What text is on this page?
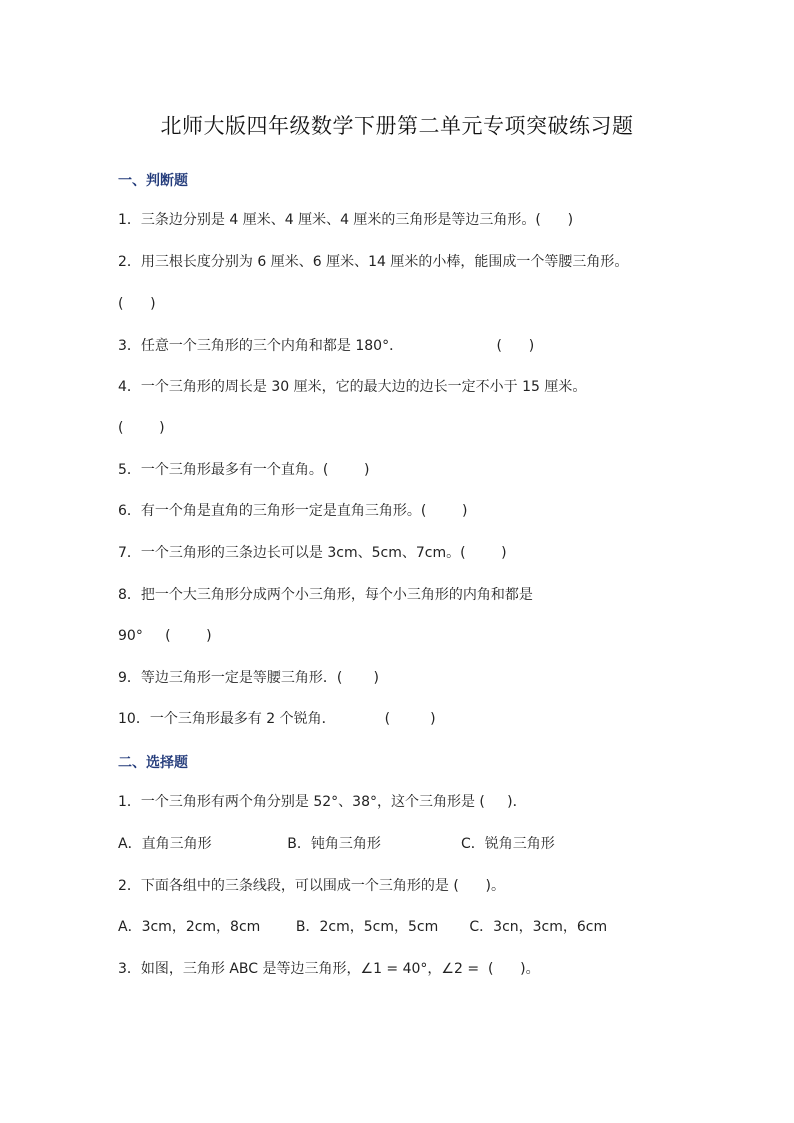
北师大版四年级数学下册第二单元专项突破练习题
一、判断题
1．三条边分别是 4 厘米、4 厘米、4 厘米的三角形是等边三角形。(      )
2．用三根长度分别为 6 厘米、6 厘米、14 厘米的小棒，能围成一个等腰三角形。
(      )
3．任意一个三角形的三个内角和都是 180°．                     (      )
4．一个三角形的周长是 30 厘米，它的最大边的边长一定不小于 15 厘米。
(        )
5．一个三角形最多有一个直角。(        )
6．有一个角是直角的三角形一定是直角三角形。(        )
7．一个三角形的三条边长可以是 3cm、5cm、7cm。(        )
8．把一个大三角形分成两个小三角形，每个小三角形的内角和都是
90°     (        )
9．等边三角形一定是等腰三角形．(       )
10．一个三角形最多有 2 个锐角．           (         )
二、选择题
1．一个三角形有两个角分别是 52°、38°，这个三角形是 (     )．
A．直角三角形                 B．钝角三角形                  C．锐角三角形
2．下面各组中的三条线段，可以围成一个三角形的是 (      )。
A．3cm，2cm，8cm        B．2cm，5cm，5cm       C．3cn，3cm，6cm
3．如图，三角形 ABC 是等边三角形，∠1 = 40°，∠2 =  (      )。
